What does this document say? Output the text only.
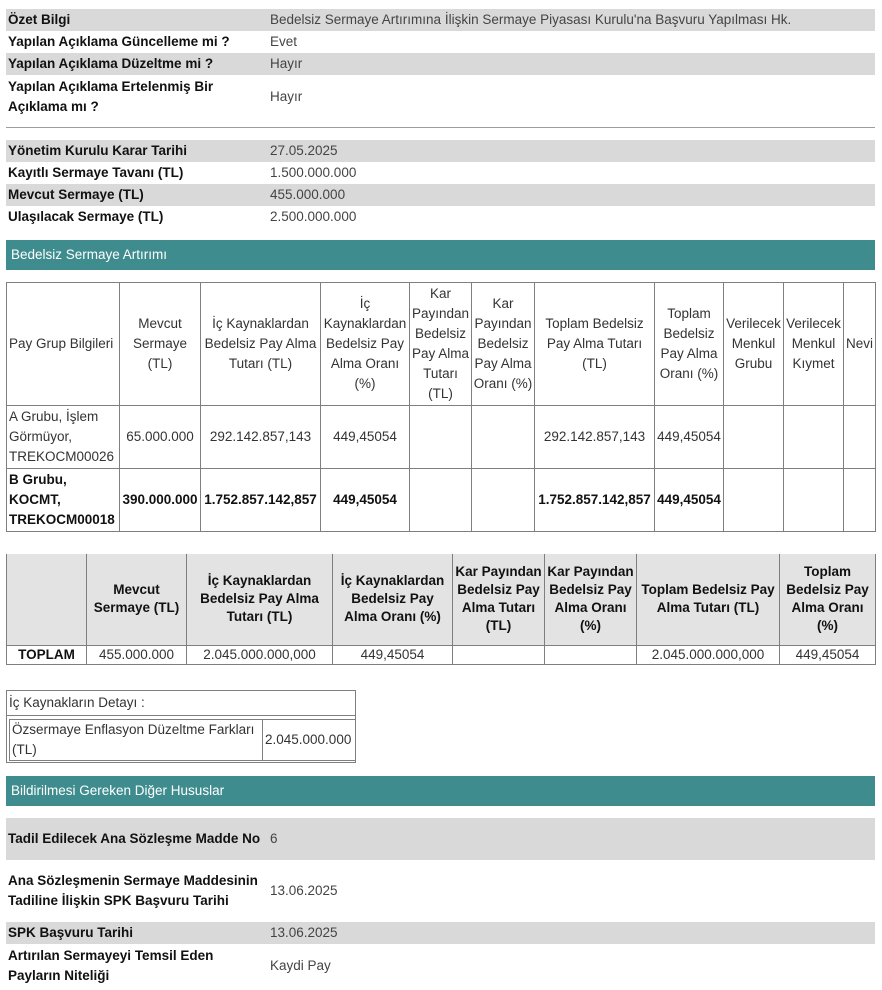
Özet Bilgi	Bedelsiz Sermaye Artırımına İlişkin Sermaye Piyasası Kurulu'na Başvuru Yapılması Hk.
Yapılan Açıklama Güncelleme mi ?	Evet
Yapılan Açıklama Düzeltme mi ?	Hayır
Yapılan Açıklama Ertelenmiş Bir Açıklama mı ?	Hayır
Yönetim Kurulu Karar Tarihi	27.05.2025
Kayıtlı Sermaye Tavanı (TL)	1.500.000.000
Mevcut Sermaye (TL)	455.000.000
Ulaşılacak Sermaye (TL)	2.500.000.000
Bedelsiz Sermaye Artırımı
Pay Grup Bilgileri	Mevcut Sermaye (TL)	İç Kaynaklardan Bedelsiz Pay Alma Tutarı (TL)	İç Kaynaklardan Bedelsiz Pay Alma Oranı (%)	Kar Payından Bedelsiz Pay Alma Tutarı (TL)	Kar Payından Bedelsiz Pay Alma Oranı (%)	Toplam Bedelsiz Pay Alma Tutarı (TL)	Toplam Bedelsiz Pay Alma Oranı (%)	Verilecek Menkul Grubu	Verilecek Menkul Kıymet	Nevi
A Grubu, İşlem Görmüyor, TREKOCM00026	65.000.000	292.142.857,143	449,45054			292.142.857,143	449,45054			
B Grubu, KOCMT, TREKOCM00018	390.000.000	1.752.857.142,857	449,45054			1.752.857.142,857	449,45054			
	Mevcut Sermaye (TL)	İç Kaynaklardan Bedelsiz Pay Alma Tutarı (TL)	İç Kaynaklardan Bedelsiz Pay Alma Oranı (%)	Kar Payından Bedelsiz Pay Alma Tutarı (TL)	Kar Payından Bedelsiz Pay Alma Oranı (%)	Toplam Bedelsiz Pay Alma Tutarı (TL)	Toplam Bedelsiz Pay Alma Oranı (%)
TOPLAM	455.000.000	2.045.000.000,000	449,45054			2.045.000.000,000	449,45054
İç Kaynakların Detayı :
Özsermaye Enflasyon Düzeltme Farkları (TL)	2.045.000.000
Bildirilmesi Gereken Diğer Hususlar
Tadil Edilecek Ana Sözleşme Madde No	6
Ana Sözleşmenin Sermaye Maddesinin Tadiline İlişkin SPK Başvuru Tarihi	13.06.2025
SPK Başvuru Tarihi	13.06.2025
Artırılan Sermayeyi Temsil Eden Payların Niteliği	Kaydi Pay
